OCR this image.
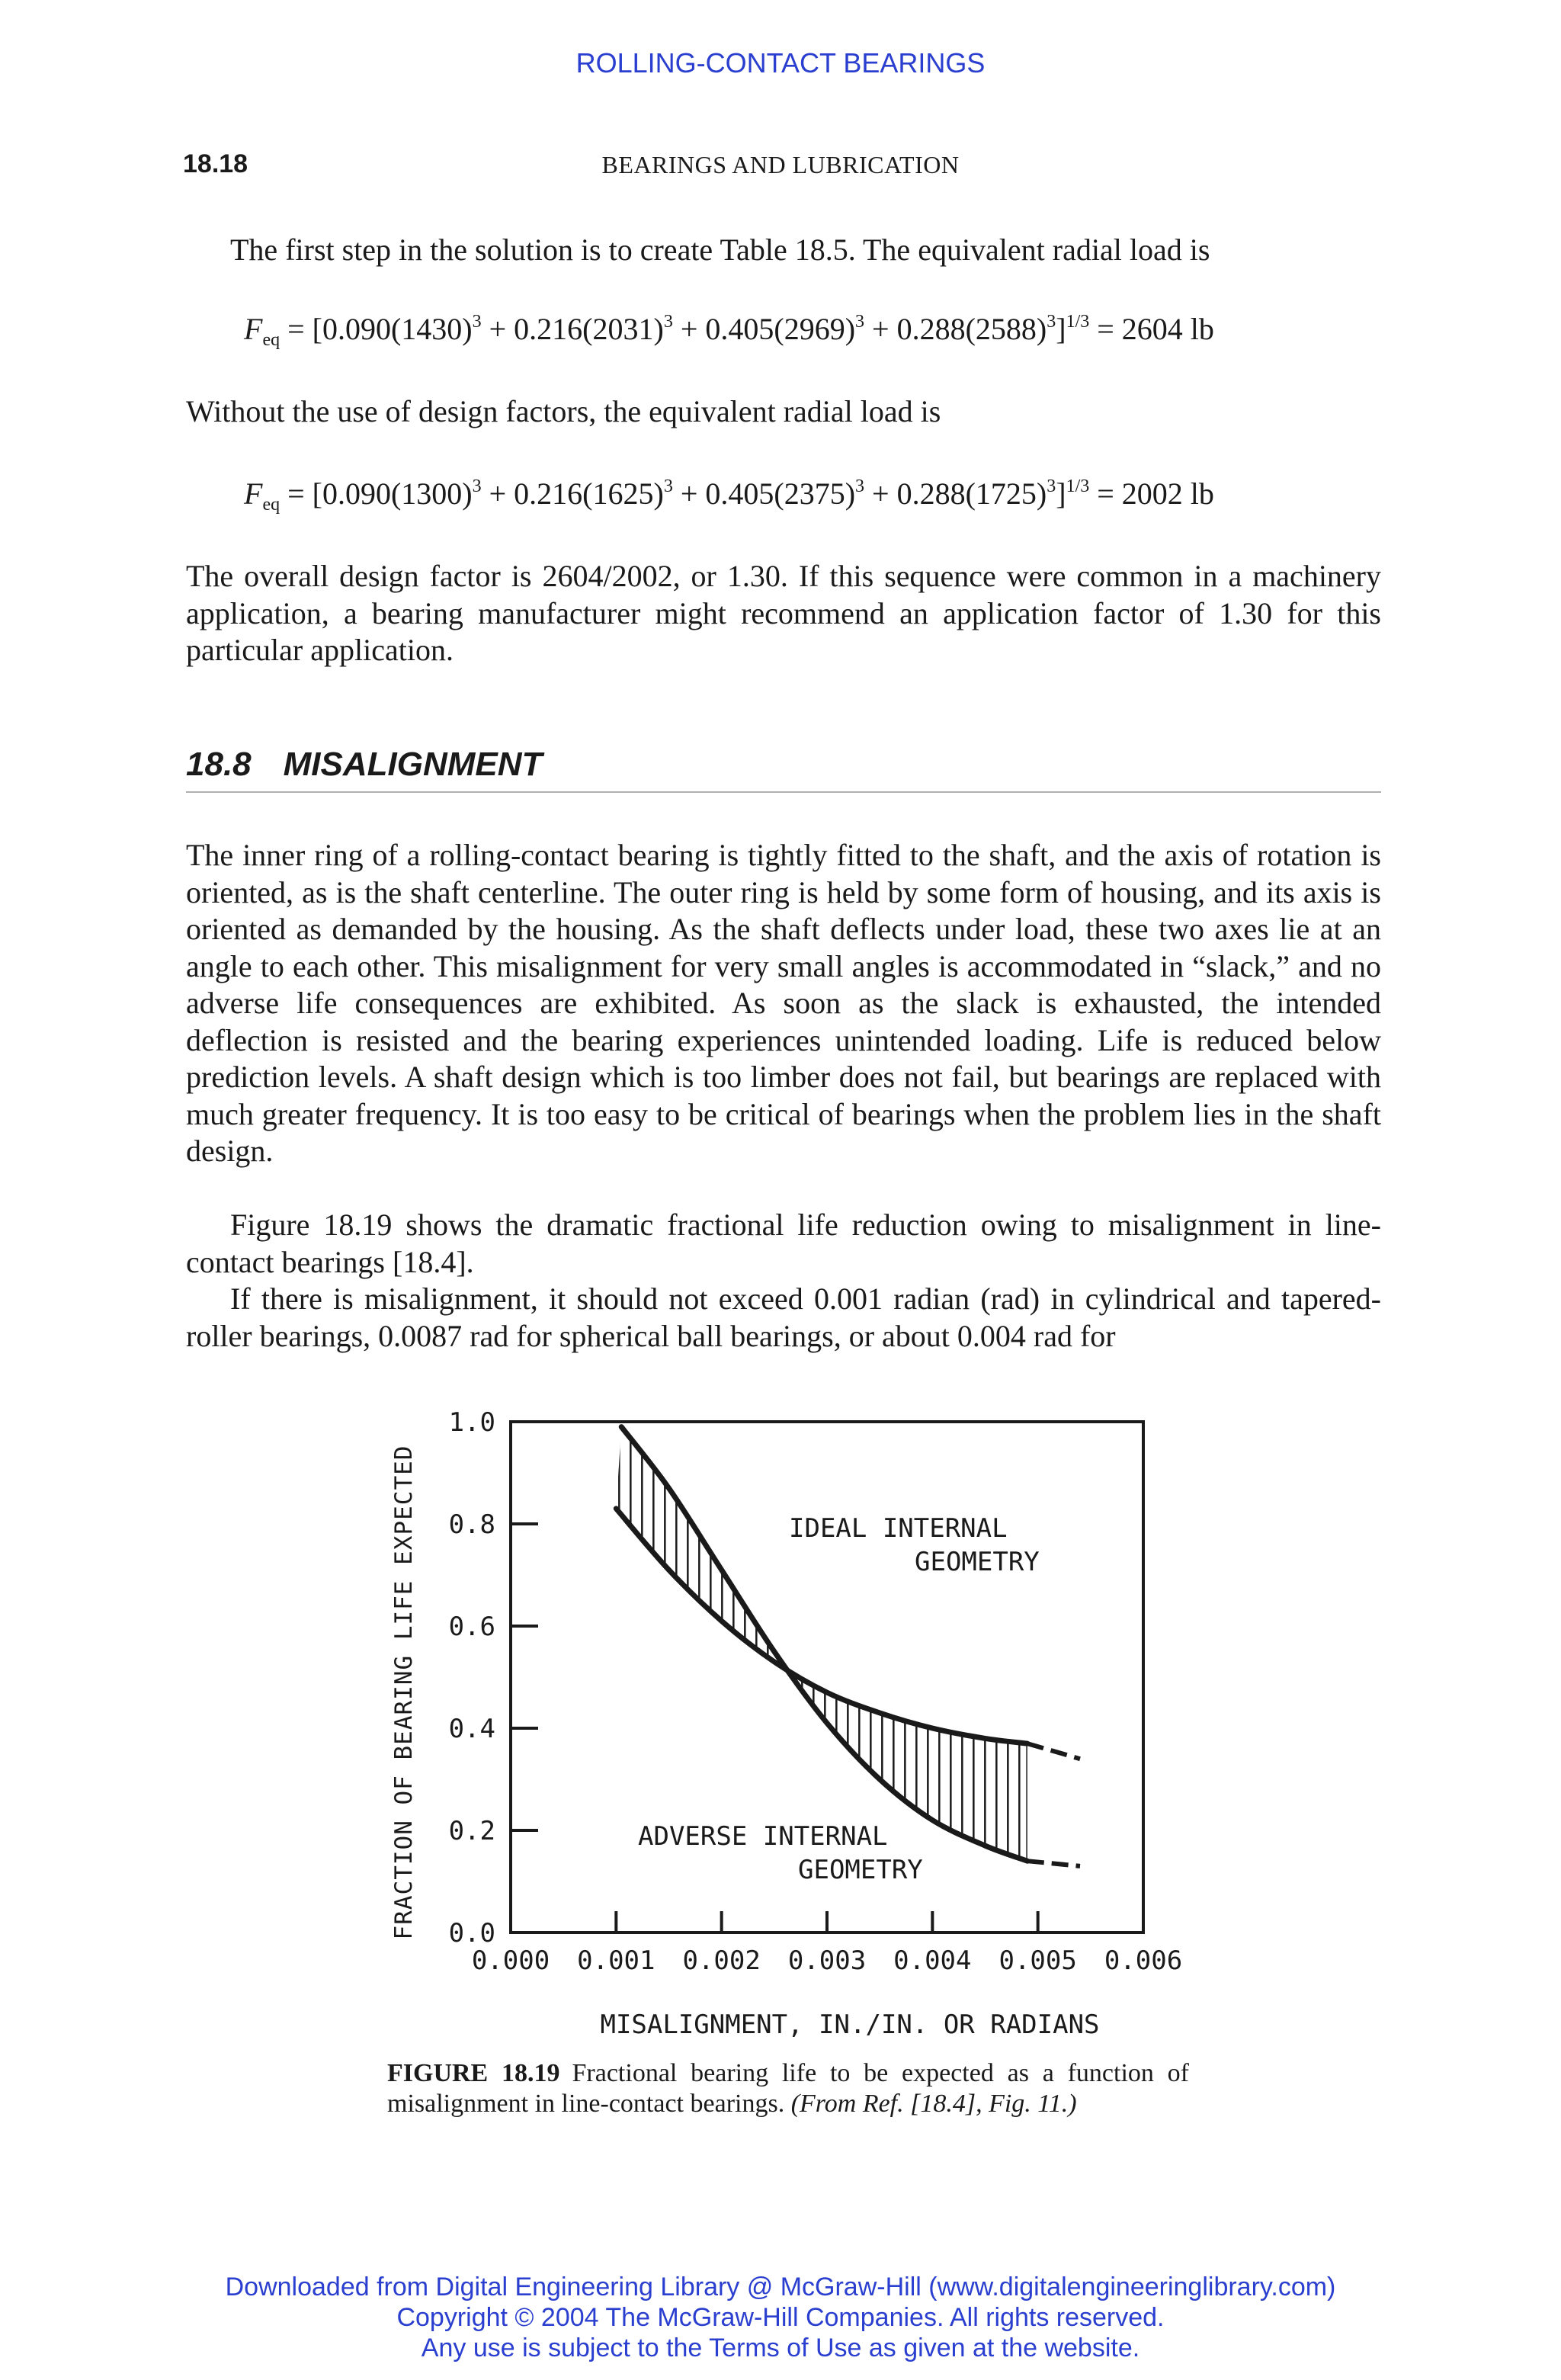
ROLLING-CONTACT BEARINGS
18.18	BEARINGS AND LUBRICATION
The first step in the solution is to create Table 18.5. The equivalent radial load is
$F_{eq} = [0.090(1430)^3 + 0.216(2031)^3 + 0.405(2969)^3 + 0.288(2588)^3]^{1/3} = 2604$ lb
Without the use of design factors, the equivalent radial load is
$F_{eq} = [0.090(1300)^3 + 0.216(1625)^3 + 0.405(2375)^3 + 0.288(1725)^3]^{1/3} = 2002$ lb
The overall design factor is 2604/2002, or 1.30. If this sequence were common in a machinery application, a bearing manufacturer might recommend an application factor of 1.30 for this particular application.
18.8 MISALIGNMENT
The inner ring of a rolling-contact bearing is tightly fitted to the shaft, and the axis of rotation is oriented, as is the shaft centerline. The outer ring is held by some form of housing, and its axis is oriented as demanded by the housing. As the shaft deflects under load, these two axes lie at an angle to each other. This misalignment for very small angles is accommodated in “slack,” and no adverse life consequences are exhibited. As soon as the slack is exhausted, the intended deflection is resisted and the bearing experiences unintended loading. Life is reduced below prediction levels. A shaft design which is too limber does not fail, but bearings are replaced with much greater frequency. It is too easy to be critical of bearings when the problem lies in the shaft design.
Figure 18.19 shows the dramatic fractional life reduction owing to misalignment in line-contact bearings [18.4].
If there is misalignment, it should not exceed 0.001 radian (rad) in cylindrical and tapered-roller bearings, 0.0087 rad for spherical ball bearings, or about 0.004 rad for
0.0
0.2
0.4
0.6
0.8
1.0
0.000 0.001 0.002 0.003 0.004 0.005 0.006
FRACTION OF BEARING LIFE EXPECTED
MISALIGNMENT, IN./IN. OR RADIANS
IDEAL INTERNAL
GEOMETRY
ADVERSE INTERNAL
GEOMETRY
FIGURE 18.19 Fractional bearing life to be expected as a function of misalignment in line-contact bearings. (From Ref. [18.4], Fig. 11.)
Downloaded from Digital Engineering Library @ McGraw-Hill (www.digitalengineeringlibrary.com)
Copyright © 2004 The McGraw-Hill Companies. All rights reserved.
Any use is subject to the Terms of Use as given at the website.
